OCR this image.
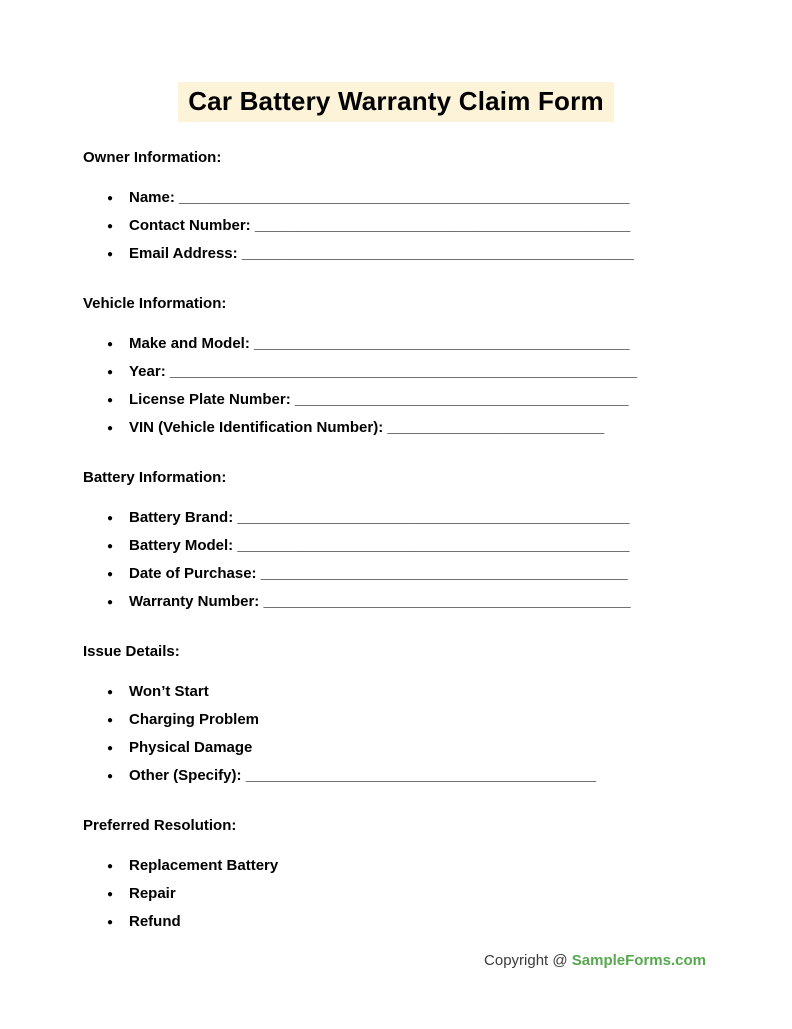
Car Battery Warranty Claim Form
Owner Information:
● Name: ______________________________________________________
● Contact Number: _____________________________________________
● Email Address: _______________________________________________
Vehicle Information:
● Make and Model: _____________________________________________
● Year: ________________________________________________________
● License Plate Number: ________________________________________
● VIN (Vehicle Identification Number): __________________________
Battery Information:
● Battery Brand: _______________________________________________
● Battery Model: _______________________________________________
● Date of Purchase: ____________________________________________
● Warranty Number: ____________________________________________
Issue Details:
● Won’t Start
● Charging Problem
● Physical Damage
● Other (Specify): __________________________________________
Preferred Resolution:
● Replacement Battery
● Repair
● Refund
Copyright @ SampleForms.com
